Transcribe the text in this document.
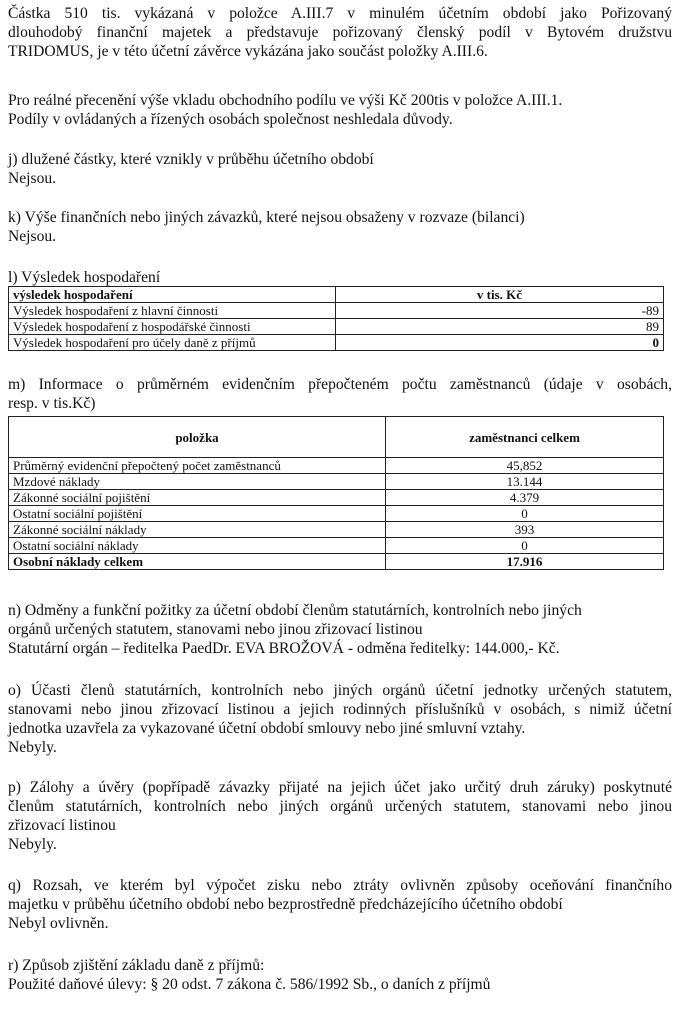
Částka 510 tis. vykázaná v položce A.III.7 v minulém účetním období jako Pořizovaný
dlouhodobý finanční majetek a představuje pořizovaný členský podíl v Bytovém družstvu
TRIDOMUS, je v této účetní závěrce vykázána jako součást položky A.III.6.
Pro reálné přecenění výše vkladu obchodního podílu ve výši Kč 200tis v položce A.III.1.
Podíly v ovládaných a řízených osobách společnost neshledala důvody.
j) dlužené částky, které vznikly v průběhu účetního období
Nejsou.
k) Výše finančních nebo jiných závazků, které nejsou obsaženy v rozvaze (bilanci)
Nejsou.

l) Výsledek hospodaření

výsledek hospodaření	v tis. Kč
Výsledek hospodaření z hlavní činnosti	-89
Výsledek hospodaření z hospodářské činnosti	89
Výsledek hospodaření pro účely daně z příjmů	0
m) Informace o průměrném evidenčním přepočteném počtu zaměstnanců (údaje v osobách,
resp. v tis.Kč)
položka	zaměstnanci celkem
Průměrný evidenční přepočtený počet zaměstnanců	45,852
Mzdové náklady	13.144
Zákonné sociální pojištění	4.379
Ostatní sociální pojištění	0
Zákonné sociální náklady	393
Ostatní sociální náklady	0
Osobní náklady celkem	17.916
n) Odměny a funkční požitky za účetní období členům statutárních, kontrolních nebo jiných
orgánů určených statutem, stanovami nebo jinou zřizovací listinou
Statutární orgán – ředitelka PaedDr. EVA BROŽOVÁ - odměna ředitelky: 144.000,- Kč.
o) Účasti členů statutárních, kontrolních nebo jiných orgánů účetní jednotky určených statutem,
stanovami nebo jinou zřizovací listinou a jejich rodinných příslušníků v osobách, s nimiž účetní
jednotka uzavřela za vykazované účetní období smlouvy nebo jiné smluvní vztahy.
Nebyly.
p) Zálohy a úvěry (popřípadě závazky přijaté na jejich účet jako určitý druh záruky) poskytnuté
členům statutárních, kontrolních nebo jiných orgánů určených statutem, stanovami nebo jinou
zřizovací listinou
Nebyly.
q) Rozsah, ve kterém byl výpočet zisku nebo ztráty ovlivněn způsoby oceňování finančního
majetku v průběhu účetního období nebo bezprostředně předcházejícího účetního období
Nebyl ovlivněn.
r) Způsob zjištění základu daně z příjmů:
Použité daňové úlevy: § 20 odst. 7 zákona č. 586/1992 Sb., o daních z příjmů
